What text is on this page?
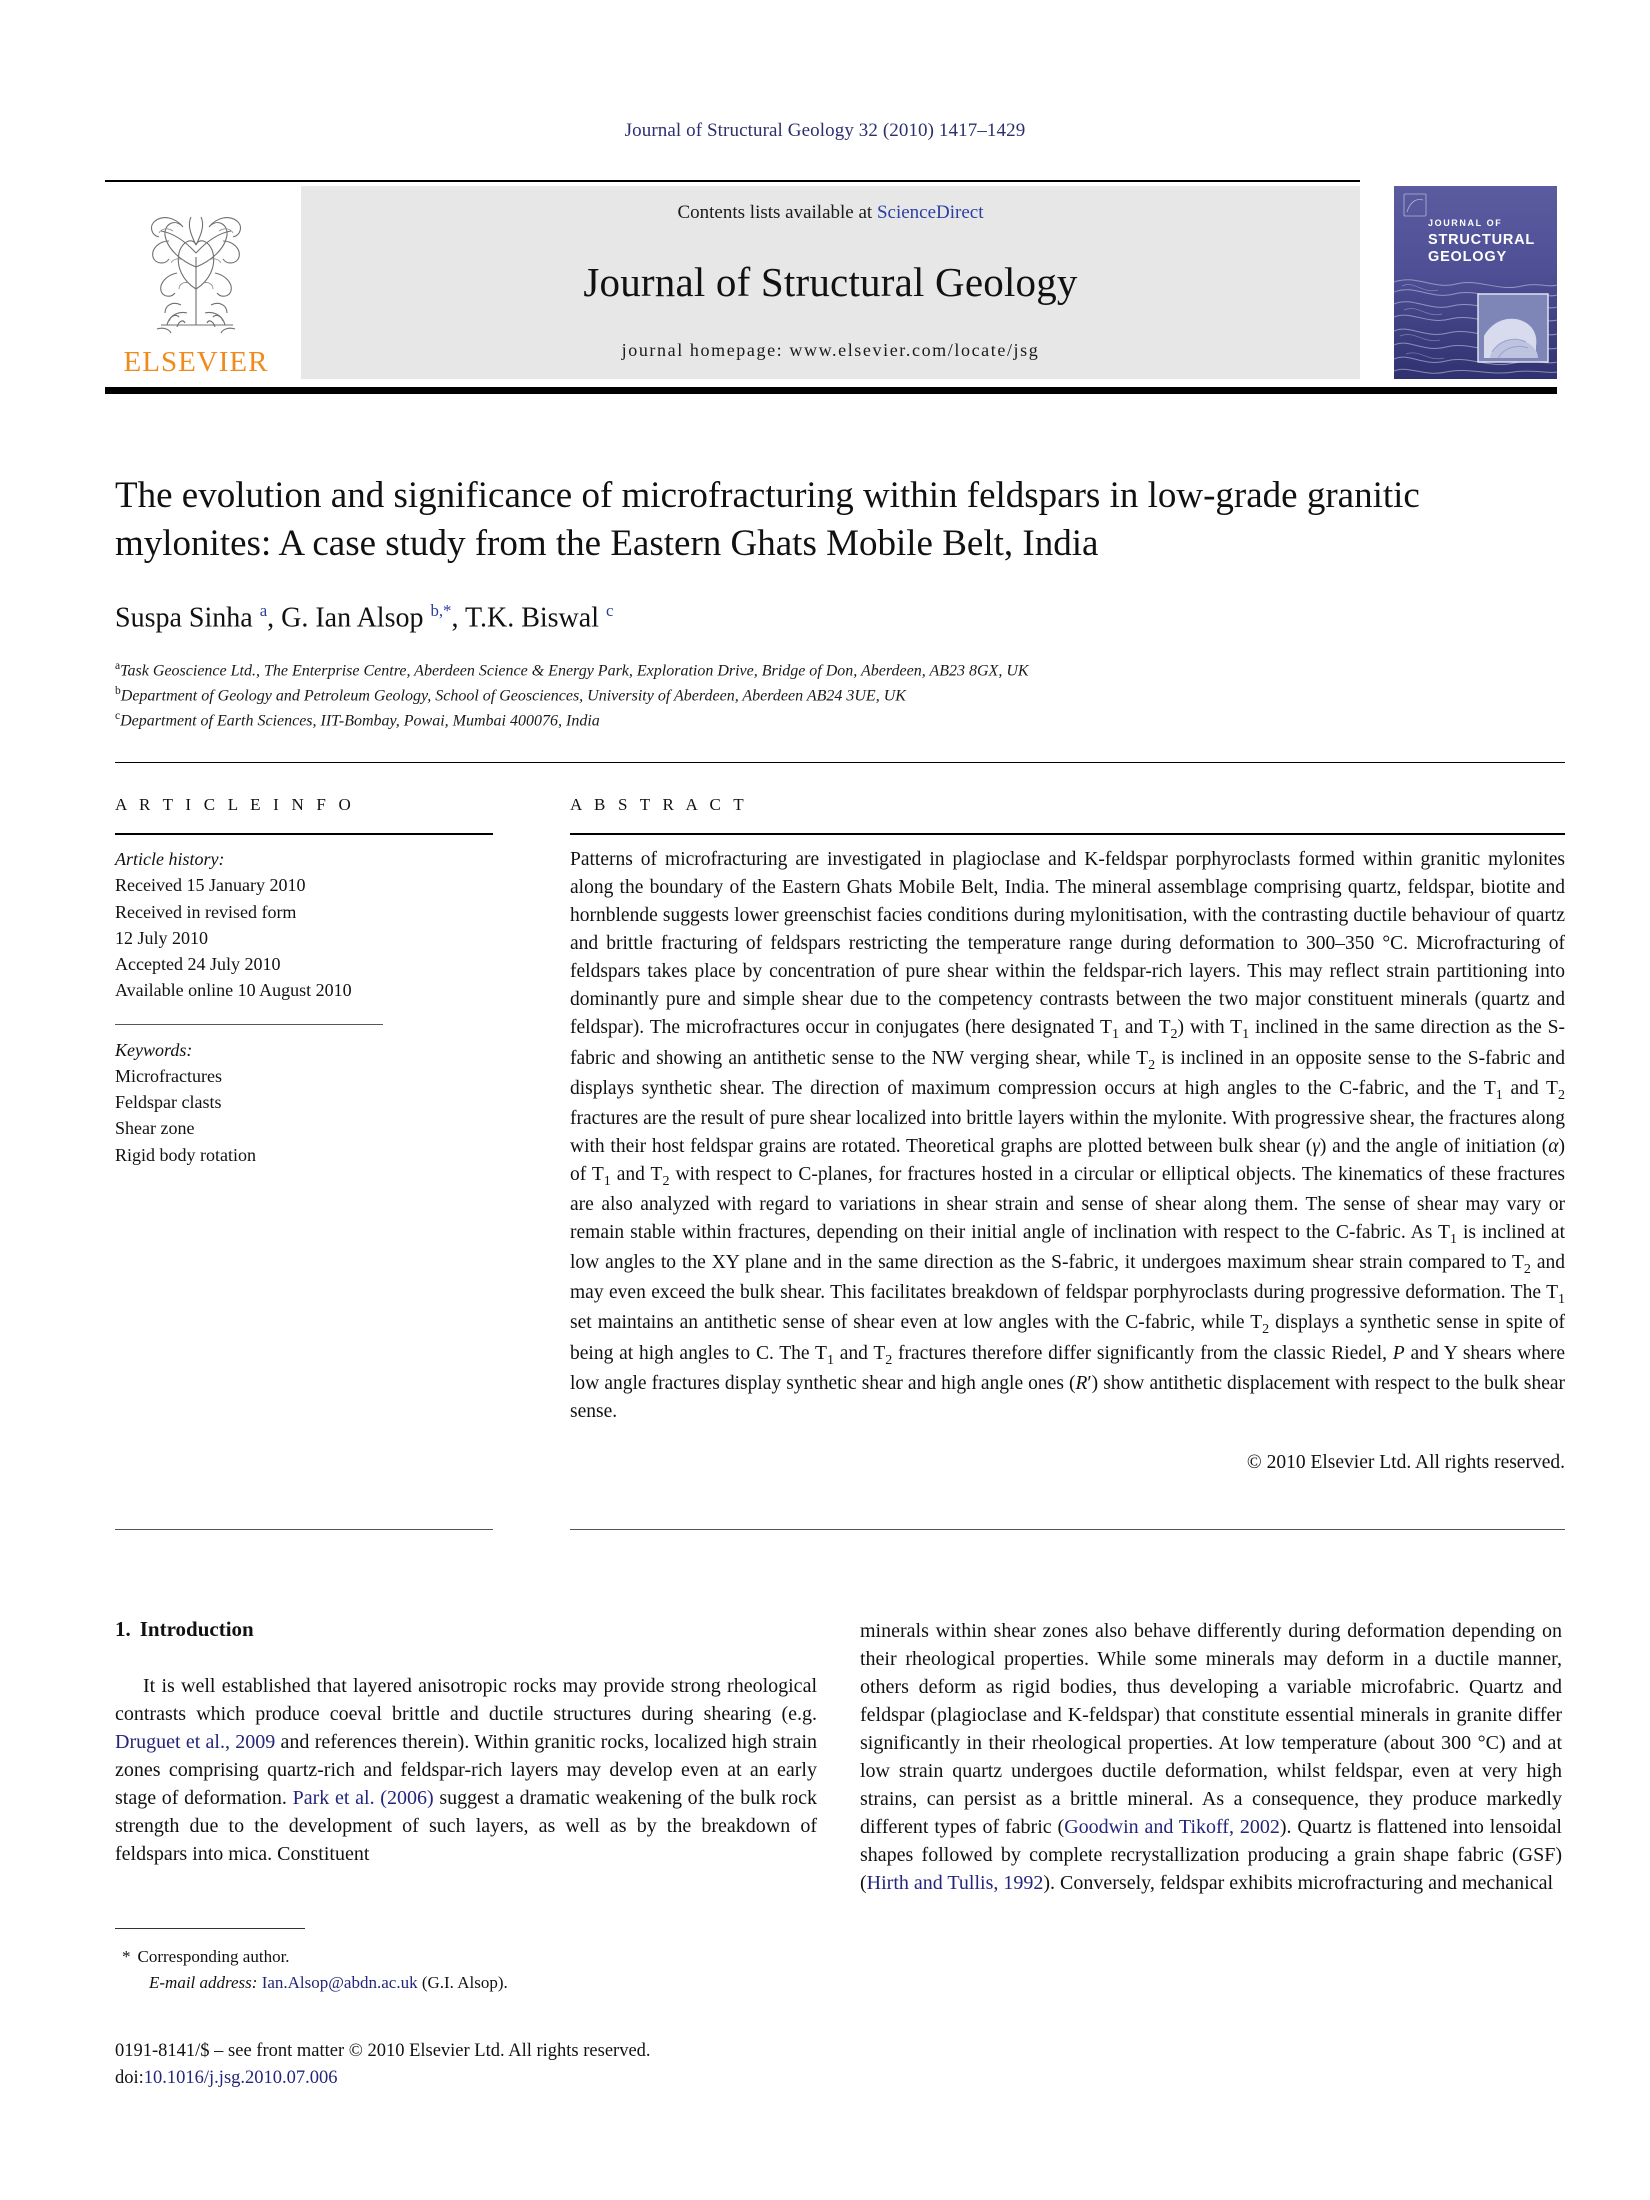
Journal of Structural Geology 32 (2010) 1417–1429
ELSEVIER
Contents lists available at ScienceDirect
Journal of Structural Geology
journal homepage: www.elsevier.com/locate/jsg
JOURNAL OF
STRUCTURAL
GEOLOGY
The evolution and significance of microfracturing within feldspars in low-grade granitic mylonites: A case study from the Eastern Ghats Mobile Belt, India
Suspa Sinha $^a$, G. Ian Alsop $^{b,*}$, T.K. Biswal $^c$
$^a$Task Geoscience Ltd., The Enterprise Centre, Aberdeen Science & Energy Park, Exploration Drive, Bridge of Don, Aberdeen, AB23 8GX, UK
$^b$Department of Geology and Petroleum Geology, School of Geosciences, University of Aberdeen, Aberdeen AB24 3UE, UK
$^c$Department of Earth Sciences, IIT-Bombay, Powai, Mumbai 400076, India
A R T I C L E I N F O
Article history:
Received 15 January 2010
Received in revised form
12 July 2010
Accepted 24 July 2010
Available online 10 August 2010
Keywords:
Microfractures
Feldspar clasts
Shear zone
Rigid body rotation
A B S T R A C T

Patterns of microfracturing are investigated in plagioclase and K-feldspar porphyroclasts formed within granitic mylonites along the boundary of the Eastern Ghats Mobile Belt, India. The mineral assemblage comprising quartz, feldspar, biotite and hornblende suggests lower greenschist facies conditions during mylonitisation, with the contrasting ductile behaviour of quartz and brittle fracturing of feldspars restricting the temperature range during deformation to 300–350 °C. Microfracturing of feldspars takes place by concentration of pure shear within the feldspar-rich layers. This may reflect strain partitioning into dominantly pure and simple shear due to the competency contrasts between the two major constituent minerals (quartz and feldspar). The microfractures occur in conjugates (here designated $T_1$ and $T_2$) with $T_1$ inclined in the same direction as the S-fabric and showing an antithetic sense to the NW verging shear, while $T_2$ is inclined in an opposite sense to the S-fabric and displays synthetic shear. The direction of maximum compression occurs at high angles to the C-fabric, and the $T_1$ and $T_2$ fractures are the result of pure shear localized into brittle layers within the mylonite. With progressive shear, the fractures along with their host feldspar grains are rotated. Theoretical graphs are plotted between bulk shear (γ) and the angle of initiation (α) of $T_1$ and $T_2$ with respect to C-planes, for fractures hosted in a circular or elliptical objects. The kinematics of these fractures are also analyzed with regard to variations in shear strain and sense of shear along them. The sense of shear may vary or remain stable within fractures, depending on their initial angle of inclination with respect to the C-fabric. As $T_1$ is inclined at low angles to the XY plane and in the same direction as the S-fabric, it undergoes maximum shear strain compared to $T_2$ and may even exceed the bulk shear. This facilitates breakdown of feldspar porphyroclasts during progressive deformation. The $T_1$ set maintains an antithetic sense of shear even at low angles with the C-fabric, while $T_2$ displays a synthetic sense in spite of being at high angles to C. The $T_1$ and $T_2$ fractures therefore differ significantly from the classic Riedel, P and Y shears where low angle fractures display synthetic shear and high angle ones (R′) show antithetic displacement with respect to the bulk shear sense.

© 2010 Elsevier Ltd. All rights reserved.
1. Introduction

It is well established that layered anisotropic rocks may provide strong rheological contrasts which produce coeval brittle and ductile structures during shearing (e.g. Druguet et al., 2009 and references therein). Within granitic rocks, localized high strain zones comprising quartz-rich and feldspar-rich layers may develop even at an early stage of deformation. Park et al. (2006) suggest a dramatic weakening of the bulk rock strength due to the development of such layers, as well as by the breakdown of feldspars into mica. Constituent

minerals within shear zones also behave differently during deformation depending on their rheological properties. While some minerals may deform in a ductile manner, others deform as rigid bodies, thus developing a variable microfabric. Quartz and feldspar (plagioclase and K-feldspar) that constitute essential minerals in granite differ significantly in their rheological properties. At low temperature (about 300 °C) and at low strain quartz undergoes ductile deformation, whilst feldspar, even at very high strains, can persist as a brittle mineral. As a consequence, they produce markedly different types of fabric (Goodwin and Tikoff, 2002). Quartz is flattened into lensoidal shapes followed by complete recrystallization producing a grain shape fabric (GSF) (Hirth and Tullis, 1992). Conversely, feldspar exhibits microfracturing and mechanical

* Corresponding author.
E-mail address: Ian.Alsop@abdn.ac.uk (G.I. Alsop).
0191-8141/$ – see front matter © 2010 Elsevier Ltd. All rights reserved.
doi:10.1016/j.jsg.2010.07.006
